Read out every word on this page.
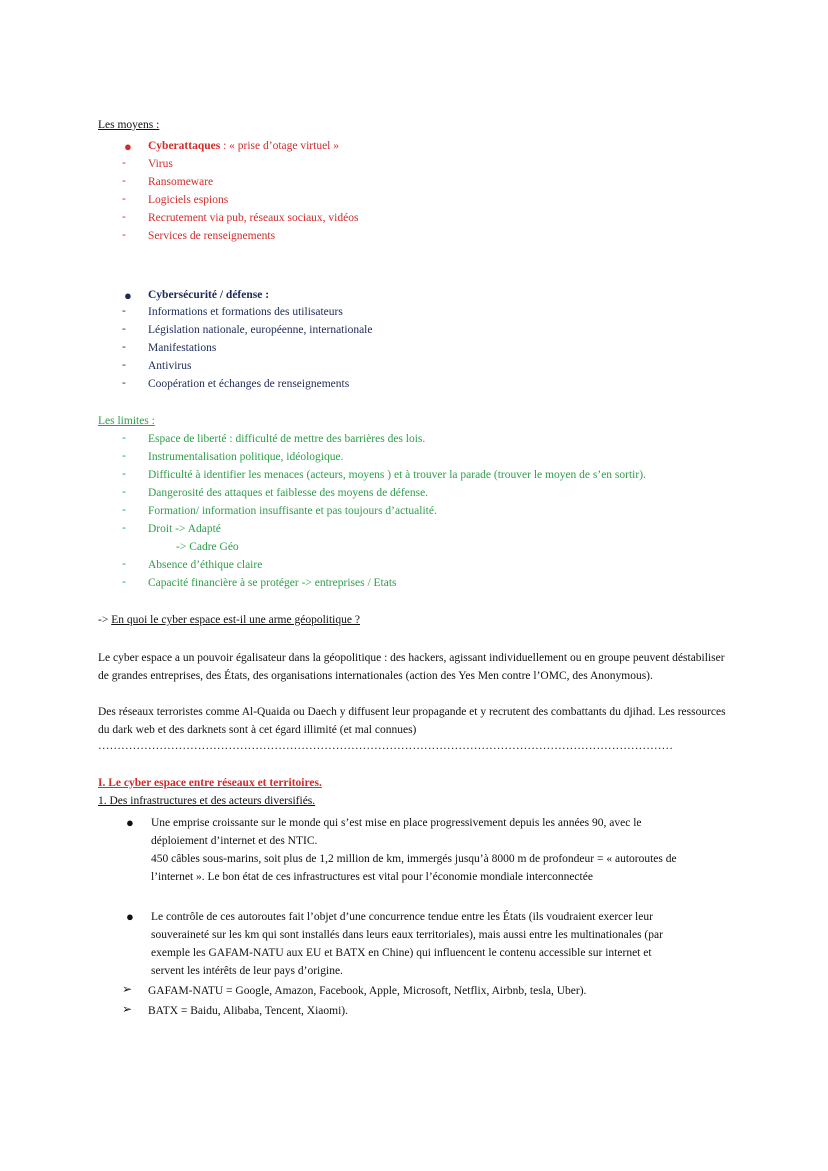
Les moyens :
● Cyberattaques : « prise d’otage virtuel »
- Virus
- Ransomeware
- Logiciels espions
- Recrutement via pub, réseaux sociaux, vidéos
- Services de renseignements
● Cybersécurité / défense :
- Informations et formations des utilisateurs
- Législation nationale, européenne, internationale
- Manifestations
- Antivirus
- Coopération et échanges de renseignements
Les limites :
- Espace de liberté : difficulté de mettre des barrières des lois.
- Instrumentalisation politique, idéologique.
- Difficulté à identifier les menaces (acteurs, moyens ) et à trouver la parade (trouver le moyen de s’en sortir).
- Dangerosité des attaques et faiblesse des moyens de défense.
- Formation/ information insuffisante et pas toujours d’actualité.
- Droit -> Adapté
-> Cadre Géo
- Absence d’éthique claire
- Capacité financière à se protéger -> entreprises / Etats
-> En quoi le cyber espace est-il une arme géopolitique ?
Le cyber espace a un pouvoir égalisateur dans la géopolitique : des hackers, agissant individuellement ou en groupe peuvent déstabiliser de grandes entreprises, des États, des organisations internationales (action des Yes Men contre l’OMC, des Anonymous).
Des réseaux terroristes comme Al-Quaida ou Daech y diffusent leur propagande et y recrutent des combattants du djihad. Les ressources du dark web et des darknets sont à cet égard illimité (et mal connues)
……………………………………………………………………………………………………………………………………
I. Le cyber espace entre réseaux et territoires.
1. Des infrastructures et des acteurs diversifiés.
● Une emprise croissante sur le monde qui s’est mise en place progressivement depuis les années 90, avec le
déploiement d’internet et des NTIC.
450 câbles sous-marins, soit plus de 1,2 million de km, immergés jusqu’à 8000 m de profondeur = « autoroutes de
l’internet ». Le bon état de ces infrastructures est vital pour l’économie mondiale interconnectée
● Le contrôle de ces autoroutes fait l’objet d’une concurrence tendue entre les États (ils voudraient exercer leur
souveraineté sur les km qui sont installés dans leurs eaux territoriales), mais aussi entre les multinationales (par
exemple les GAFAM-NATU aux EU et BATX en Chine) qui influencent le contenu accessible sur internet et
servent les intérêts de leur pays d’origine.
➢ GAFAM-NATU = Google, Amazon, Facebook, Apple, Microsoft, Netflix, Airbnb, tesla, Uber).
➢ BATX = Baidu, Alibaba, Tencent, Xiaomi).
